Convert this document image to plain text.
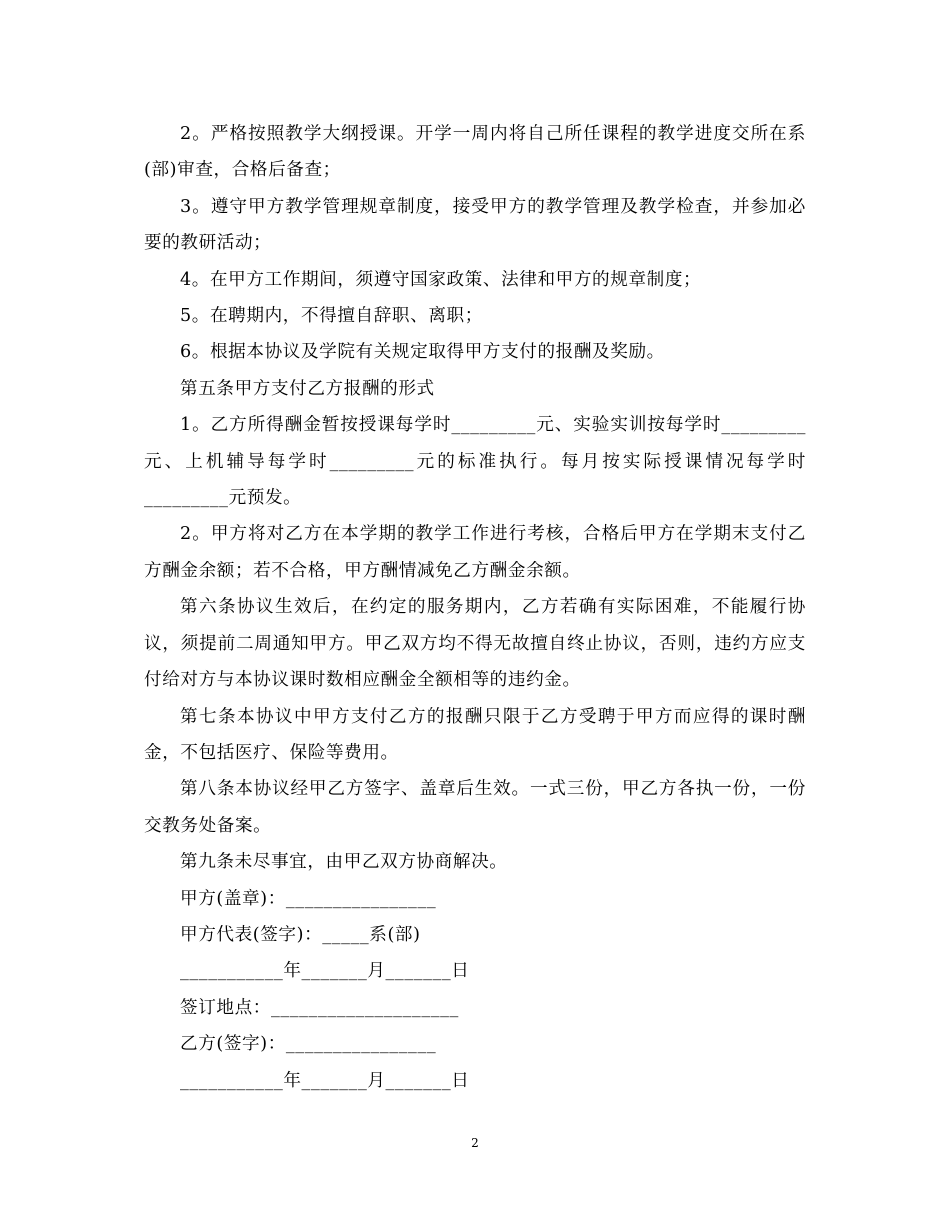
2。严格按照教学大纲授课。开学一周内将自己所任课程的教学进度交所在系(部)审查，合格后备查；

3。遵守甲方教学管理规章制度，接受甲方的教学管理及教学检查，并参加必要的教研活动；

4。在甲方工作期间，须遵守国家政策、法律和甲方的规章制度；

5。在聘期内，不得擅自辞职、离职；

6。根据本协议及学院有关规定取得甲方支付的报酬及奖励。

第五条甲方支付乙方报酬的形式

1。乙方所得酬金暂按授课每学时_________元、实验实训按每学时_________元、上机辅导每学时_________元的标准执行。每月按实际授课情况每学时_________元预发。

2。甲方将对乙方在本学期的教学工作进行考核，合格后甲方在学期末支付乙方酬金余额；若不合格，甲方酬情减免乙方酬金余额。

第六条协议生效后，在约定的服务期内，乙方若确有实际困难，不能履行协议，须提前二周通知甲方。甲乙双方均不得无故擅自终止协议，否则，违约方应支付给对方与本协议课时数相应酬金全额相等的违约金。

第七条本协议中甲方支付乙方的报酬只限于乙方受聘于甲方而应得的课时酬金，不包括医疗、保险等费用。

第八条本协议经甲乙方签字、盖章后生效。一式三份，甲乙方各执一份，一份交教务处备案。

第九条未尽事宜，由甲乙双方协商解决。

甲方(盖章)：________________

甲方代表(签字)：_____系(部)

___________年_______月_______日

签订地点：____________________

乙方(签字)：________________

___________年_______月_______日

2
